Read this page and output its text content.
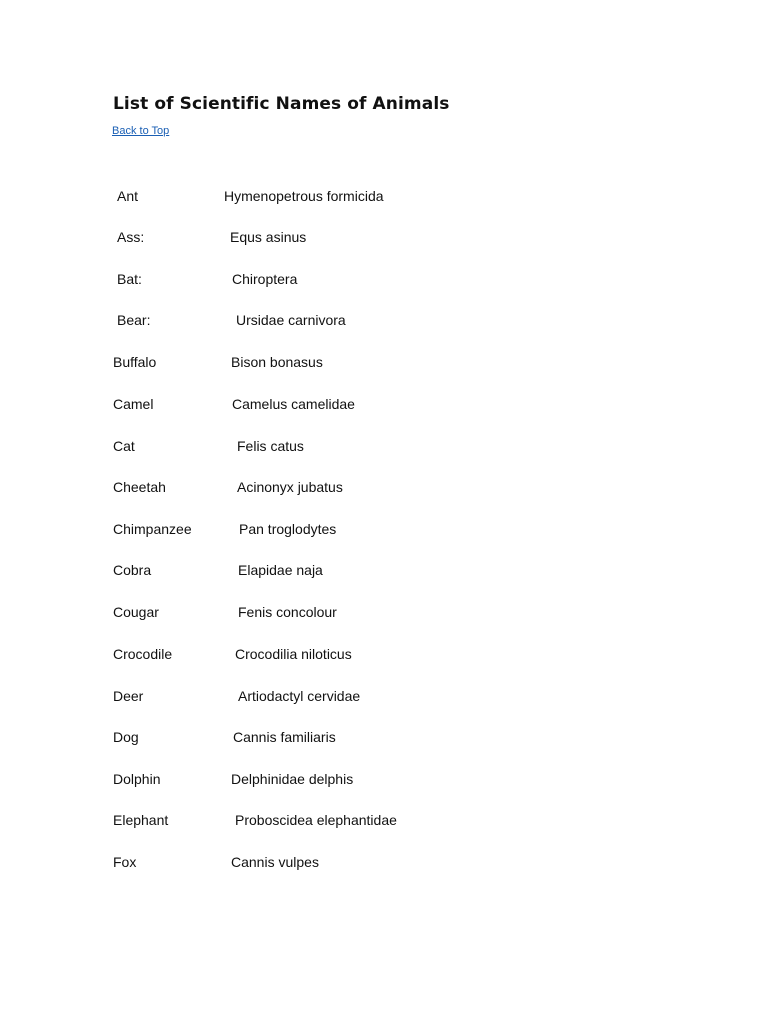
List of Scientific Names of Animals
Back to Top
Ant	Hymenopetrous formicida
Ass:	Equs asinus
Bat:	Chiroptera
Bear:	Ursidae carnivora
Buffalo	Bison bonasus
Camel	Camelus camelidae
Cat	Felis catus
Cheetah	Acinonyx jubatus
Chimpanzee	Pan troglodytes
Cobra	Elapidae naja
Cougar	Fenis concolour
Crocodile	Crocodilia niloticus
Deer	Artiodactyl cervidae
Dog	Cannis familiaris
Dolphin	Delphinidae delphis
Elephant	Proboscidea elephantidae
Fox	Cannis vulpes
